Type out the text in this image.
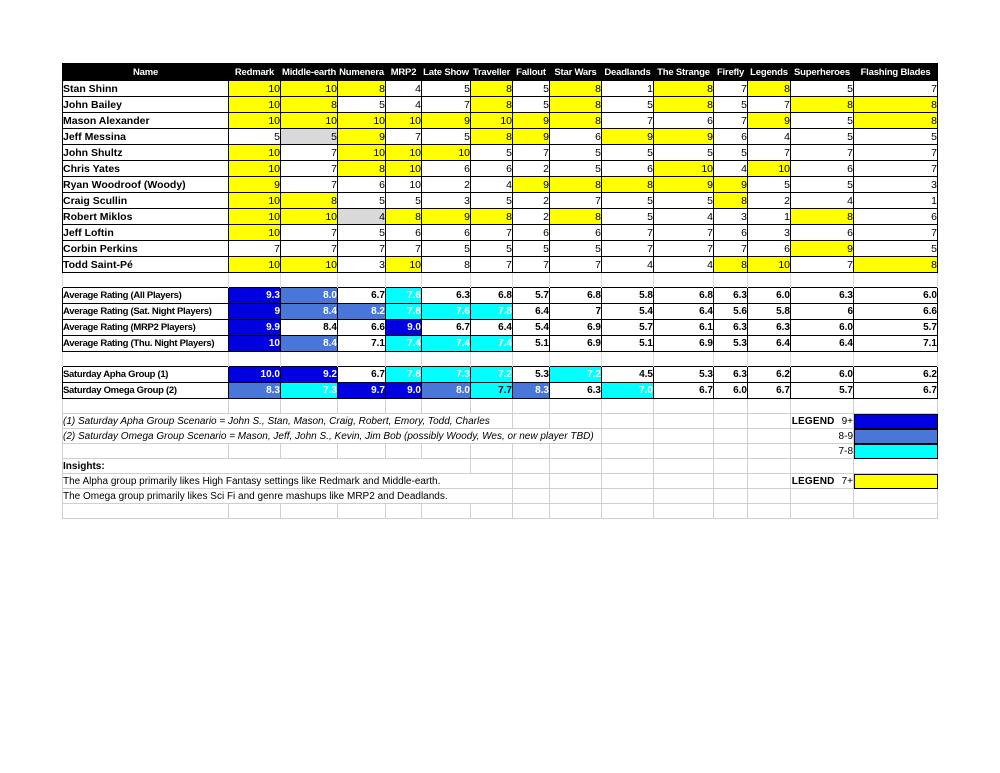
Name	Redmark	Middle-earth	Numenera	MRP2	Late Show	Traveller	Fallout	Star Wars	Deadlands	The Strange	Firefly	Legends	Superheroes	Flashing Blades
Stan Shinn	10	10	8	4	5	8	5	8	1	8	7	8	5	7
John Bailey	10	8	5	4	7	8	5	8	5	8	5	7	8	8
Mason Alexander	10	10	10	10	9	10	9	8	7	6	7	9	5	8
Jeff Messina	5	5	9	7	5	8	9	6	9	9	6	4	5	5
John Shultz	10	7	10	10	10	5	7	5	5	5	5	7	7	7
Chris Yates	10	7	8	10	6	6	2	5	6	10	4	10	6	7
Ryan Woodroof (Woody)	9	7	6	10	2	4	9	8	8	9	9	5	5	3
Craig Scullin	10	8	5	5	3	5	2	7	5	5	8	2	4	1
Robert Miklos	10	10	4	8	9	8	2	8	5	4	3	1	8	6
Jeff Loftin	10	7	5	6	6	7	6	6	7	7	6	3	6	7
Corbin Perkins	7	7	7	7	5	5	5	5	7	7	7	6	9	5
Todd Saint-Pé	10	10	3	10	8	7	7	7	4	4	8	10	7	8

Average Rating (All Players)	9.3	8.0	6.7	7.6	6.3	6.8	5.7	6.8	5.8	6.8	6.3	6.0	6.3	6.0
Average Rating (Sat. Night Players)	9	8.4	8.2	7.8	7.6	7.8	6.4	7	5.4	6.4	5.6	5.8	6	6.6
Average Rating (MRP2 Players)	9.9	8.4	6.6	9.0	6.7	6.4	5.4	6.9	5.7	6.1	6.3	6.3	6.0	5.7
Average Rating (Thu. Night Players)	10	8.4	7.1	7.4	7.4	7.4	5.1	6.9	5.1	6.9	5.3	6.4	6.4	7.1

Saturday Apha Group (1)	10.0	9.2	6.7	7.8	7.3	7.2	5.3	7.2	4.5	5.3	6.3	6.2	6.0	6.2
Saturday Omega Group (2)	8.3	7.3	9.7	9.0	8.0	7.7	8.3	6.3	7.0	6.7	6.0	6.7	5.7	6.7

(1) Saturday Apha Group Scenario = John S., Stan, Mason, Craig, Robert, Emory, Todd, Charles													LEGEND 9+	
(2) Saturday Omega Group Scenario = Mason, Jeff, John S., Kevin, Jim Bob (possibly Woody, Wes, or new player TBD)													8-9	
													7-8	
Insights:														
The Alpha group primarily likes High Fantasy settings like Redmark and Middle-earth.													LEGEND 7+	
The Omega group primarily likes Sci Fi and genre mashups like MRP2 and Deadlands.														
